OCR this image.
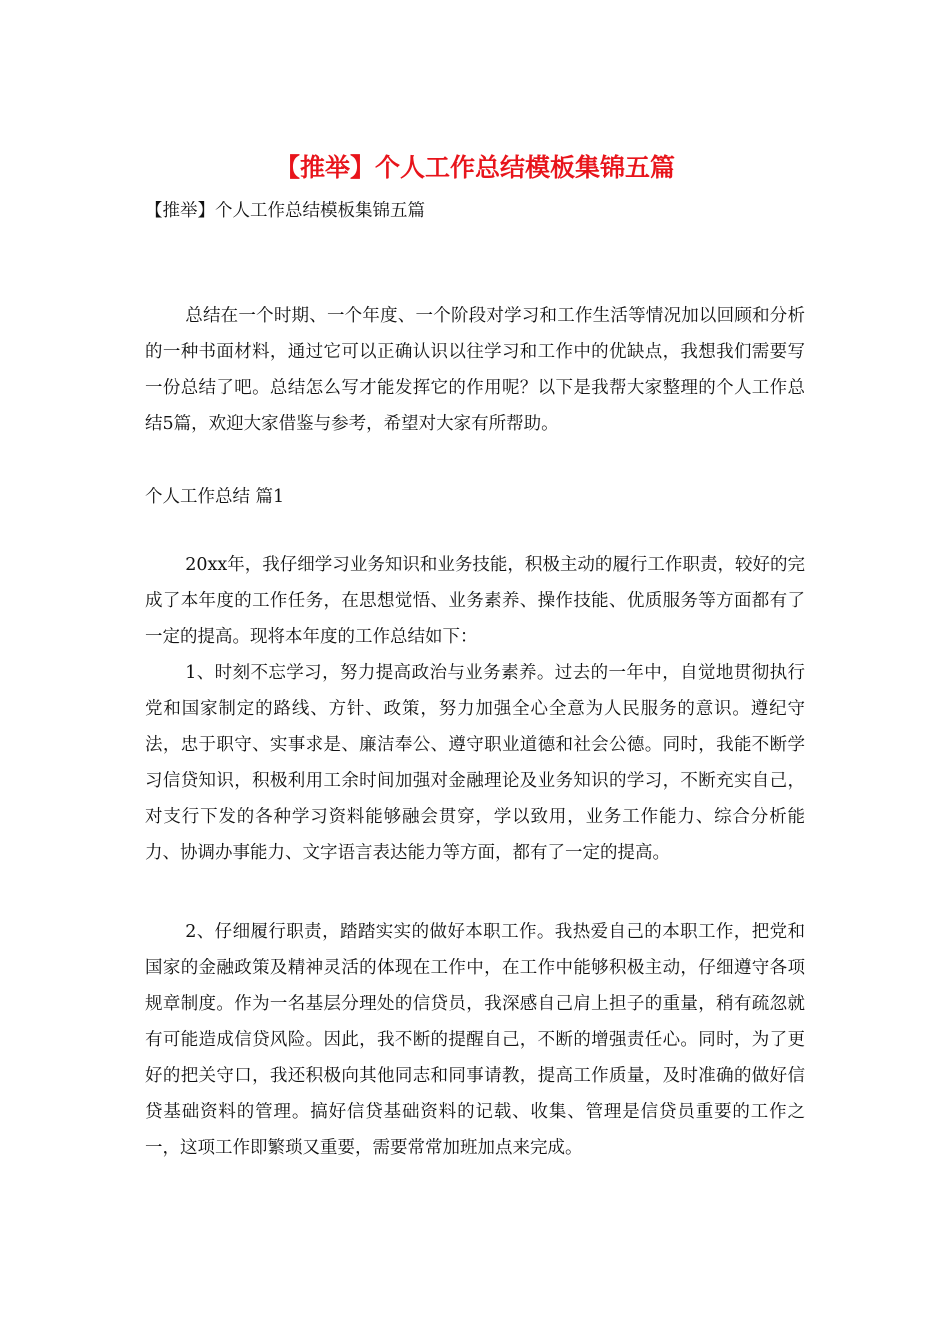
【推举】个人工作总结模板集锦五篇

【推举】个人工作总结模板集锦五篇

总结在一个时期、一个年度、一个阶段对学习和工作生活等情况加以回顾和分析的一种书面材料，通过它可以正确认识以往学习和工作中的优缺点，我想我们需要写一份总结了吧。总结怎么写才能发挥它的作用呢？以下是我帮大家整理的个人工作总结5篇，欢迎大家借鉴与参考，希望对大家有所帮助。

个人工作总结 篇1

20xx年，我仔细学习业务知识和业务技能，积极主动的履行工作职责，较好的完成了本年度的工作任务，在思想觉悟、业务素养、操作技能、优质服务等方面都有了一定的提高。现将本年度的工作总结如下：

1、时刻不忘学习，努力提高政治与业务素养。过去的一年中，自觉地贯彻执行党和国家制定的路线、方针、政策，努力加强全心全意为人民服务的意识。遵纪守法，忠于职守、实事求是、廉洁奉公、遵守职业道德和社会公德。同时，我能不断学习信贷知识，积极利用工余时间加强对金融理论及业务知识的学习，不断充实自己，对支行下发的各种学习资料能够融会贯穿，学以致用，业务工作能力、综合分析能力、协调办事能力、文字语言表达能力等方面，都有了一定的提高。

2、仔细履行职责，踏踏实实的做好本职工作。我热爱自己的本职工作，把党和国家的金融政策及精神灵活的体现在工作中，在工作中能够积极主动，仔细遵守各项规章制度。作为一名基层分理处的信贷员，我深感自己肩上担子的重量，稍有疏忽就有可能造成信贷风险。因此，我不断的提醒自己，不断的增强责任心。同时，为了更好的把关守口，我还积极向其他同志和同事请教，提高工作质量，及时准确的做好信贷基础资料的管理。搞好信贷基础资料的记载、收集、管理是信贷员重要的工作之一，这项工作即繁琐又重要，需要常常加班加点来完成。
